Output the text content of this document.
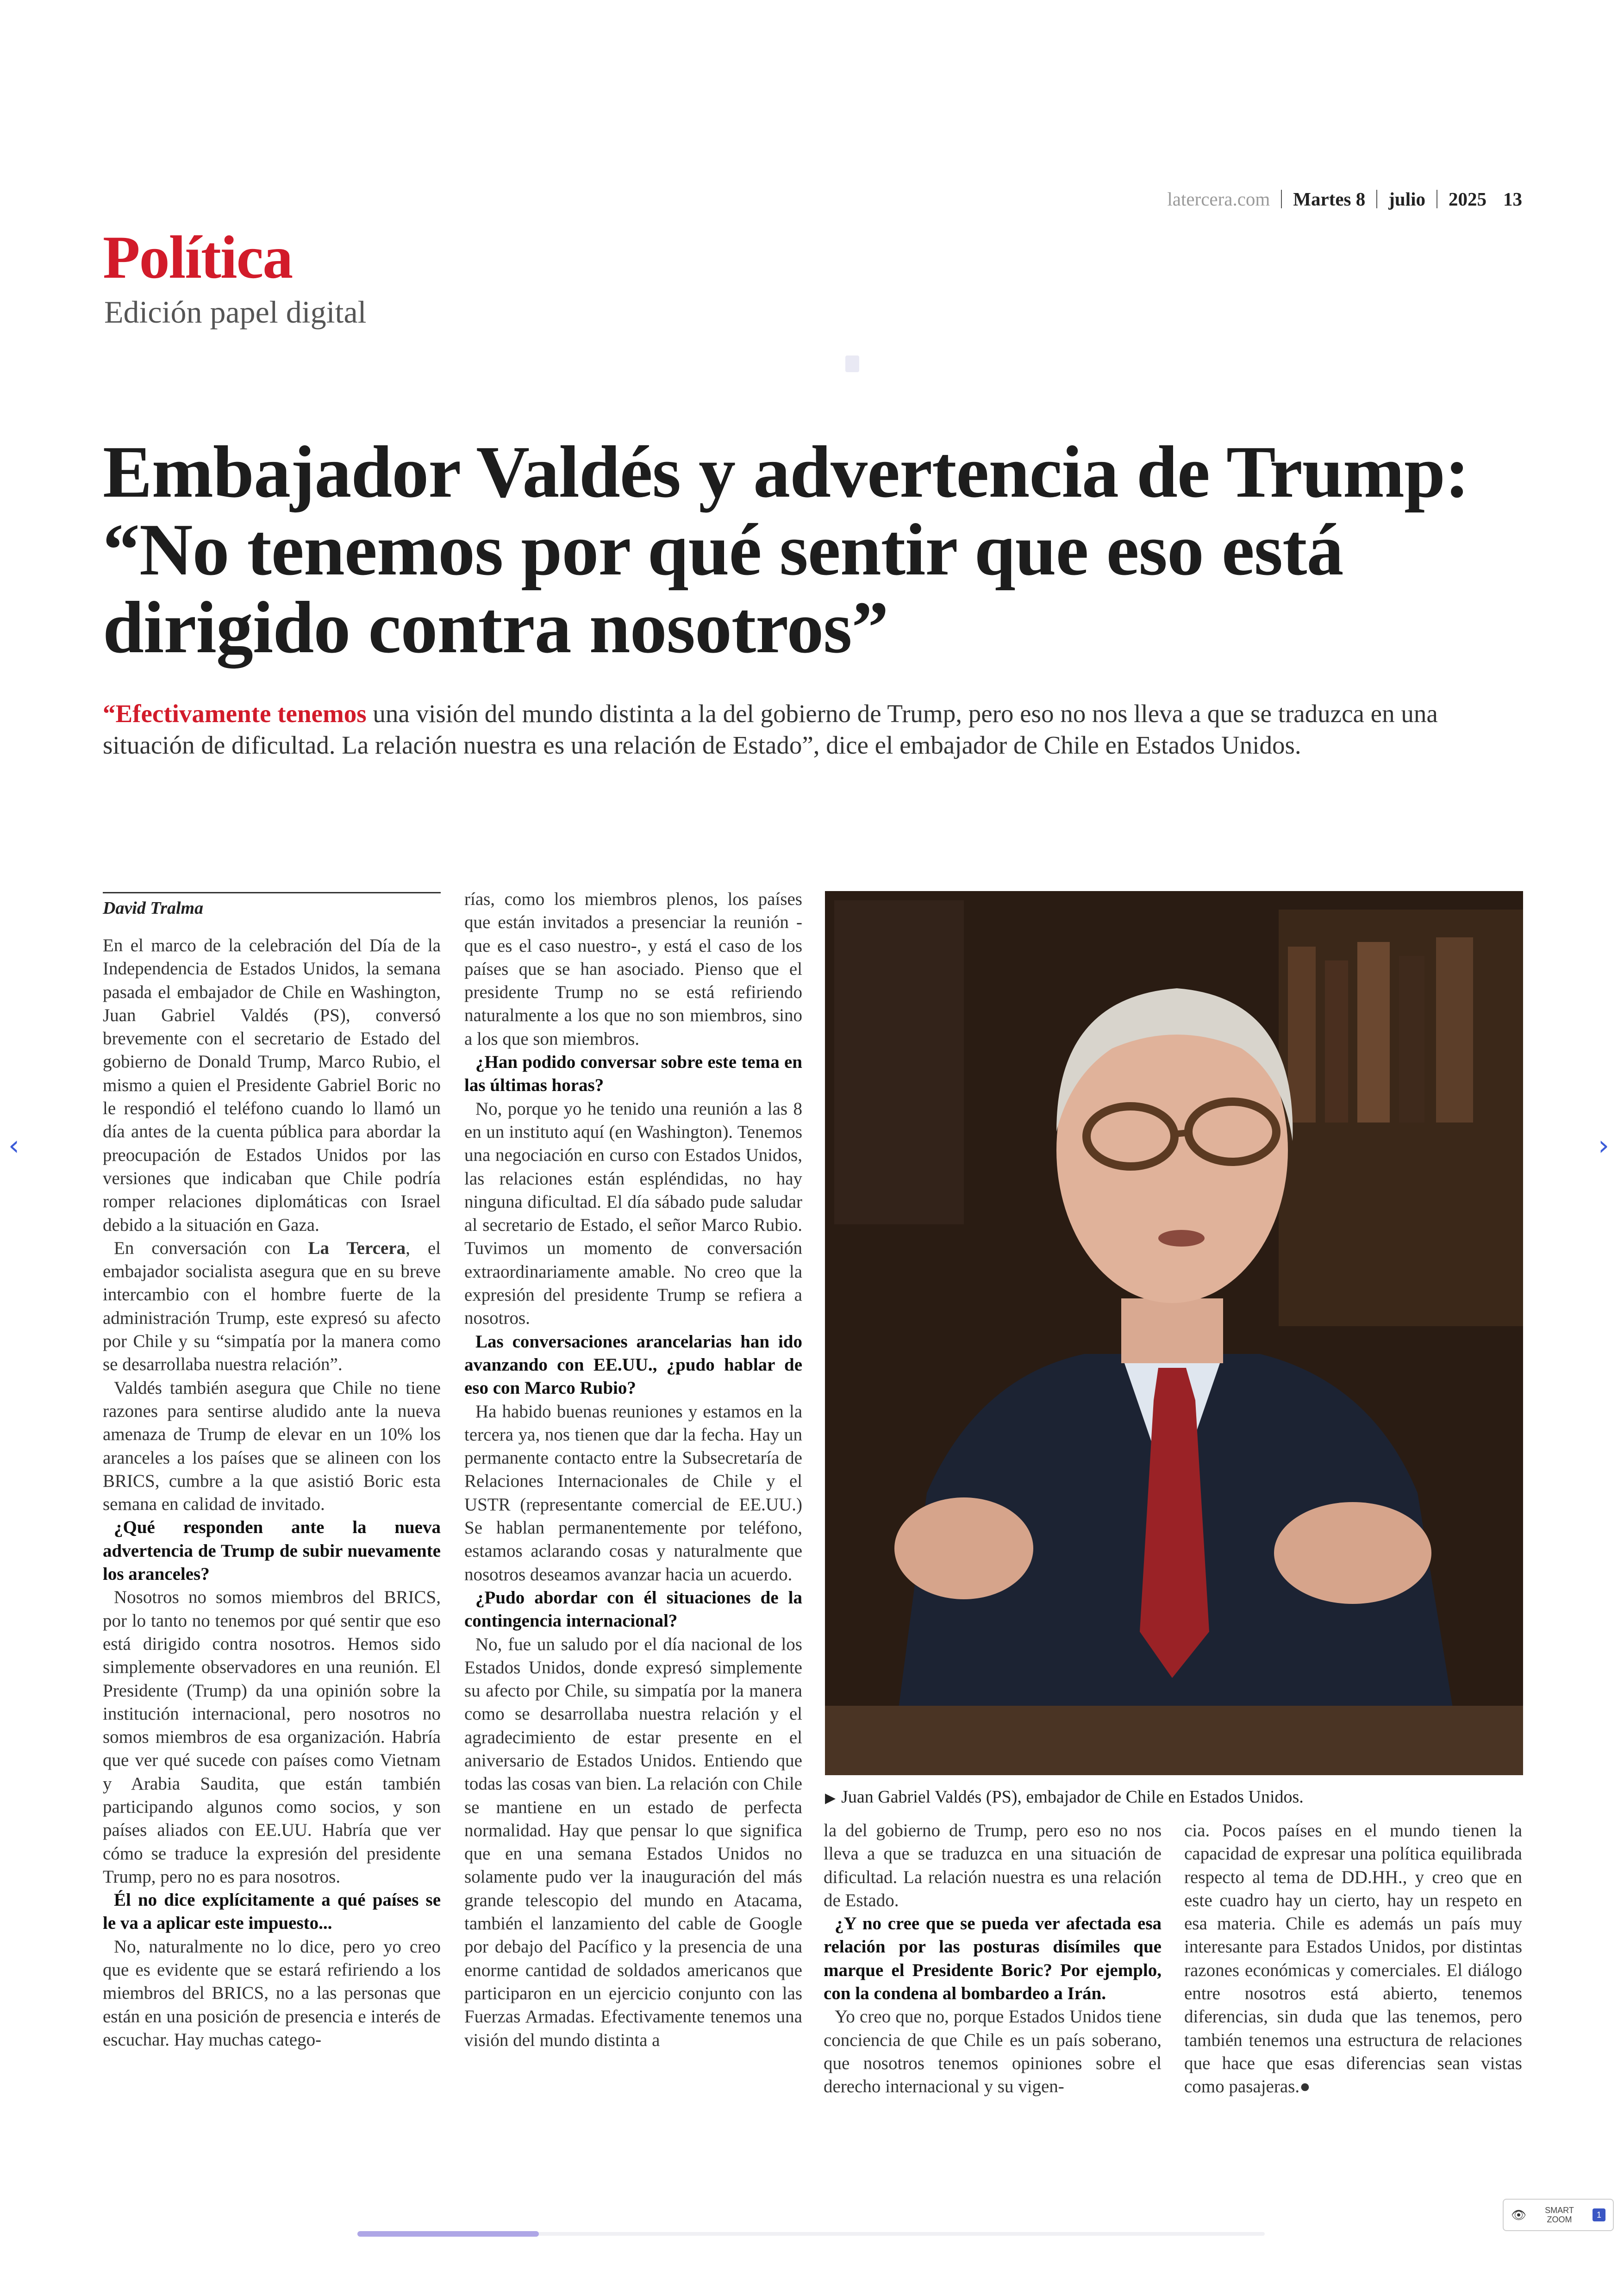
latercera.com Martes
8 julio 2025 13
Política
Edición papel digital
Embajador Valdés y advertencia de Trump: “No tenemos por qué sentir que eso está dirigido contra nosotros”
“Efectivamente tenemos una visión del mundo distinta a la del gobierno de Trump, pero eso no nos lleva a que se traduzca en una situación de dificultad. La relación nuestra es una relación de Estado”, dice el embajador de Chile en Estados Unidos.
David Tralma

En el marco de la celebración del Día de la Independencia de Estados Unidos, la semana pasada el embajador de Chile en Washington, Juan Gabriel Valdés (PS), conversó brevemente con el secretario de Estado del gobierno de Donald Trump, Marco Rubio, el mismo a quien el Presidente Gabriel Boric no le respondió el teléfono cuando lo llamó un día antes de la cuenta pública para abordar la preocupación de Estados Unidos por las versiones que indicaban que Chile podría romper relaciones diplomáticas con Israel debido a la situación en Gaza.

En conversación con La Tercera, el embajador socialista asegura que en su breve intercambio con el hombre fuerte de la administración Trump, este expresó su afecto por Chile y su “simpatía por la manera como se desarrollaba nuestra relación”.

Valdés también asegura que Chile no tiene razones para sentirse aludido ante la nueva amenaza de Trump de elevar en un 10% los aranceles a los países que se alineen con los BRICS, cumbre a la que asistió Boric esta semana en calidad de invitado.

¿Qué responden ante la nueva advertencia de Trump de subir nuevamente los aranceles?

Nosotros no somos miembros del BRICS, por lo tanto no tenemos por qué sentir que eso está dirigido contra nosotros. Hemos sido simplemente observadores en una reunión. El Presidente (Trump) da una opinión sobre la institución internacional, pero nosotros no somos miembros de esa organización. Habría que ver qué sucede con países como Vietnam y Arabia Saudita, que están también participando algunos como socios, y son países aliados con EE.UU. Habría que ver cómo se traduce la expresión del presidente Trump, pero no es para nosotros.

Él no dice explícitamente a qué países se le va a aplicar este impuesto...

No, naturalmente no lo dice, pero yo creo que es evidente que se estará refiriendo a los miembros del BRICS, no a las personas que están en una posición de presencia e interés de escuchar. Hay muchas catego-

rías, como los miembros plenos, los países que están invitados a presenciar la reunión -que es el caso nuestro-, y está el caso de los países que se han asociado. Pienso que el presidente Trump no se está refiriendo naturalmente a los que no son miembros, sino a los que son miembros.

¿Han podido conversar sobre este tema en las últimas horas?

No, porque yo he tenido una reunión a las 8 en un instituto aquí (en Washington). Tenemos una negociación en curso con Estados Unidos, las relaciones están espléndidas, no hay ninguna dificultad. El día sábado pude saludar al secretario de Estado, el señor Marco Rubio. Tuvimos un momento de conversación extraordinariamente amable. No creo que la expresión del presidente Trump se refiera a nosotros.

Las conversaciones arancelarias han ido avanzando con EE.UU., ¿pudo hablar de eso con Marco Rubio?

Ha habido buenas reuniones y estamos en la tercera ya, nos tienen que dar la fecha. Hay un permanente contacto entre la Subsecretaría de Relaciones Internacionales de Chile y el USTR (representante comercial de EE.UU.) Se hablan permanentemente por teléfono, estamos aclarando cosas y naturalmente que nosotros deseamos avanzar hacia un acuerdo.

¿Pudo abordar con él situaciones de la contingencia internacional?

No, fue un saludo por el día nacional de los Estados Unidos, donde expresó simplemente su afecto por Chile, su simpatía por la manera como se desarrollaba nuestra relación y el agradecimiento de estar presente en el aniversario de Estados Unidos. Entiendo que todas las cosas van bien. La relación con Chile se mantiene en un estado de perfecta normalidad. Hay que pensar lo que significa que en una semana Estados Unidos no solamente pudo ver la inauguración del más grande telescopio del mundo en Atacama, también el lanzamiento del cable de Google por debajo del Pacífico y la presencia de una enorme cantidad de soldados americanos que participaron en un ejercicio conjunto con las Fuerzas Armadas. Efectivamente tenemos una visión del mundo distinta a

▶ Juan Gabriel Valdés (PS), embajador de Chile en Estados Unidos.

la del gobierno de Trump, pero eso no nos lleva a que se traduzca en una situación de dificultad. La relación nuestra es una relación de Estado.

¿Y no cree que se pueda ver afectada esa relación por las posturas disímiles que marque el Presidente Boric? Por ejemplo, con la condena al bombardeo a Irán.

Yo creo que no, porque Estados Unidos tiene conciencia de que Chile es un país soberano, que nosotros tenemos opiniones sobre el derecho internacional y su vigen-

cia. Pocos países en el mundo tienen la capacidad de expresar una política equilibrada respecto al tema de DD.HH., y creo que en este cuadro hay un cierto, hay un respeto en esa materia. Chile es además un país muy interesante para Estados Unidos, por distintas razones económicas y comerciales. El diálogo entre nosotros está abierto, tenemos diferencias, sin duda que las tenemos, pero también tenemos una estructura de relaciones que hace que esas diferencias sean vistas como pasajeras.●

‹	›
👁 SMART
ZOOM
1
